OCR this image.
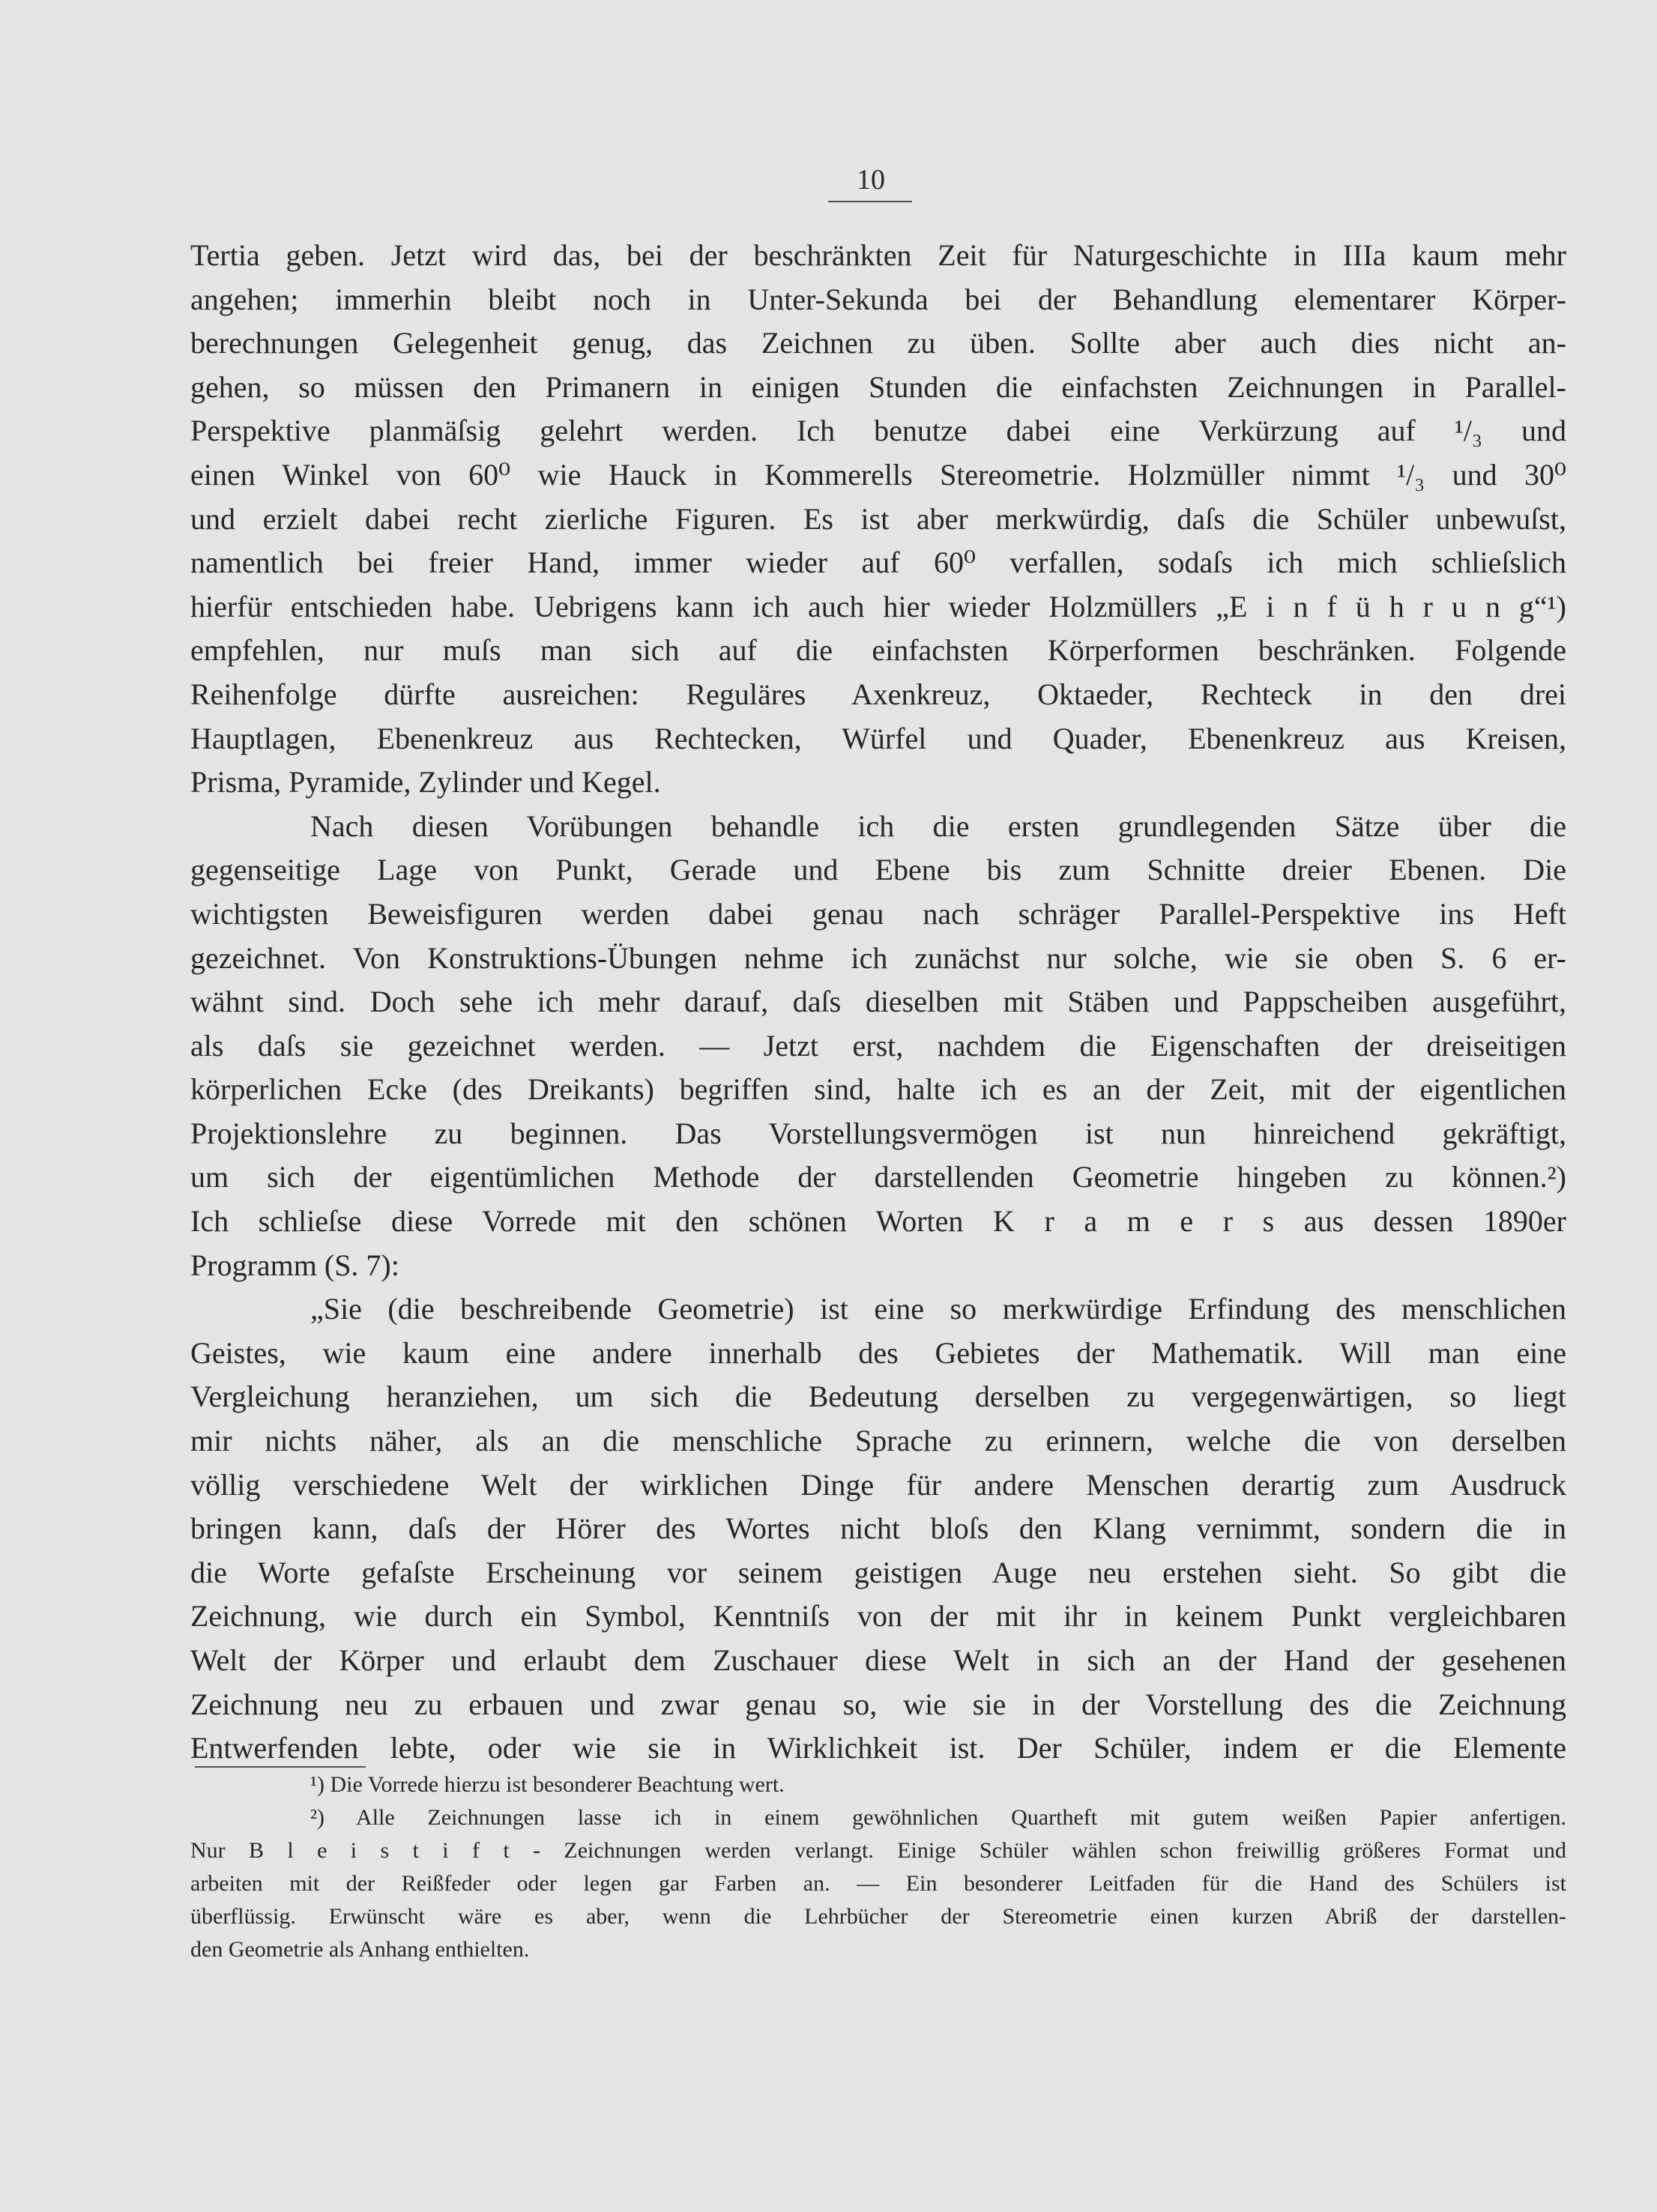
10
Tertia geben. Jetzt wird das, bei der beschränkten Zeit für Naturgeschichte in IIIa kaum mehr
angehen; immerhin bleibt noch in Unter-Sekunda bei der Behandlung elementarer Körper-
berechnungen Gelegenheit genug, das Zeichnen zu üben. Sollte aber auch dies nicht an-
gehen, so müssen den Primanern in einigen Stunden die einfachsten Zeichnungen in Parallel-
Perspektive planmäſsig gelehrt werden. Ich benutze dabei eine Verkürzung auf ¹/₃ und
einen Winkel von 60⁰ wie Hauck in Kommerells Stereometrie. Holzmüller nimmt ¹/₃ und 30⁰
und erzielt dabei recht zierliche Figuren. Es ist aber merkwürdig, daſs die Schüler unbewuſst,
namentlich bei freier Hand, immer wieder auf 60⁰ verfallen, sodaſs ich mich schlieſslich
hierfür entschieden habe. Uebrigens kann ich auch hier wieder Holzmüllers „E i n f ü h r u n g“¹)
empfehlen, nur muſs man sich auf die einfachsten Körperformen beschränken. Folgende
Reihenfolge dürfte ausreichen: Reguläres Axenkreuz, Oktaeder, Rechteck in den drei
Hauptlagen, Ebenenkreuz aus Rechtecken, Würfel und Quader, Ebenenkreuz aus Kreisen,
Prisma, Pyramide, Zylinder und Kegel.
Nach diesen Vorübungen behandle ich die ersten grundlegenden Sätze über die
gegenseitige Lage von Punkt, Gerade und Ebene bis zum Schnitte dreier Ebenen. Die
wichtigsten Beweisfiguren werden dabei genau nach schräger Parallel-Perspektive ins Heft
gezeichnet. Von Konstruktions-Übungen nehme ich zunächst nur solche, wie sie oben S. 6 er-
wähnt sind. Doch sehe ich mehr darauf, daſs dieselben mit Stäben und Pappscheiben ausgeführt,
als daſs sie gezeichnet werden. — Jetzt erst, nachdem die Eigenschaften der dreiseitigen
körperlichen Ecke (des Dreikants) begriffen sind, halte ich es an der Zeit, mit der eigentlichen
Projektionslehre zu beginnen. Das Vorstellungsvermögen ist nun hinreichend gekräftigt,
um sich der eigentümlichen Methode der darstellenden Geometrie hingeben zu können.²)
Ich schlieſse diese Vorrede mit den schönen Worten K r a m e r s aus dessen 1890er
Programm (S. 7):
„Sie (die beschreibende Geometrie) ist eine so merkwürdige Erfindung des menschlichen
Geistes, wie kaum eine andere innerhalb des Gebietes der Mathematik. Will man eine
Vergleichung heranziehen, um sich die Bedeutung derselben zu vergegenwärtigen, so liegt
mir nichts näher, als an die menschliche Sprache zu erinnern, welche die von derselben
völlig verschiedene Welt der wirklichen Dinge für andere Menschen derartig zum Ausdruck
bringen kann, daſs der Hörer des Wortes nicht bloſs den Klang vernimmt, sondern die in
die Worte gefaſste Erscheinung vor seinem geistigen Auge neu erstehen sieht. So gibt die
Zeichnung, wie durch ein Symbol, Kenntniſs von der mit ihr in keinem Punkt vergleichbaren
Welt der Körper und erlaubt dem Zuschauer diese Welt in sich an der Hand der gesehenen
Zeichnung neu zu erbauen und zwar genau so, wie sie in der Vorstellung des die Zeichnung
Entwerfenden lebte, oder wie sie in Wirklichkeit ist. Der Schüler, indem er die Elemente
¹) Die Vorrede hierzu ist besonderer Beachtung wert.
²) Alle Zeichnungen lasse ich in einem gewöhnlichen Quartheft mit gutem weißen Papier anfertigen.
Nur B l e i s t i f t - Zeichnungen werden verlangt. Einige Schüler wählen schon freiwillig größeres Format und
arbeiten mit der Reißfeder oder legen gar Farben an. — Ein besonderer Leitfaden für die Hand des Schülers ist
überflüssig. Erwünscht wäre es aber, wenn die Lehrbücher der Stereometrie einen kurzen Abriß der darstellen-
den Geometrie als Anhang enthielten.
